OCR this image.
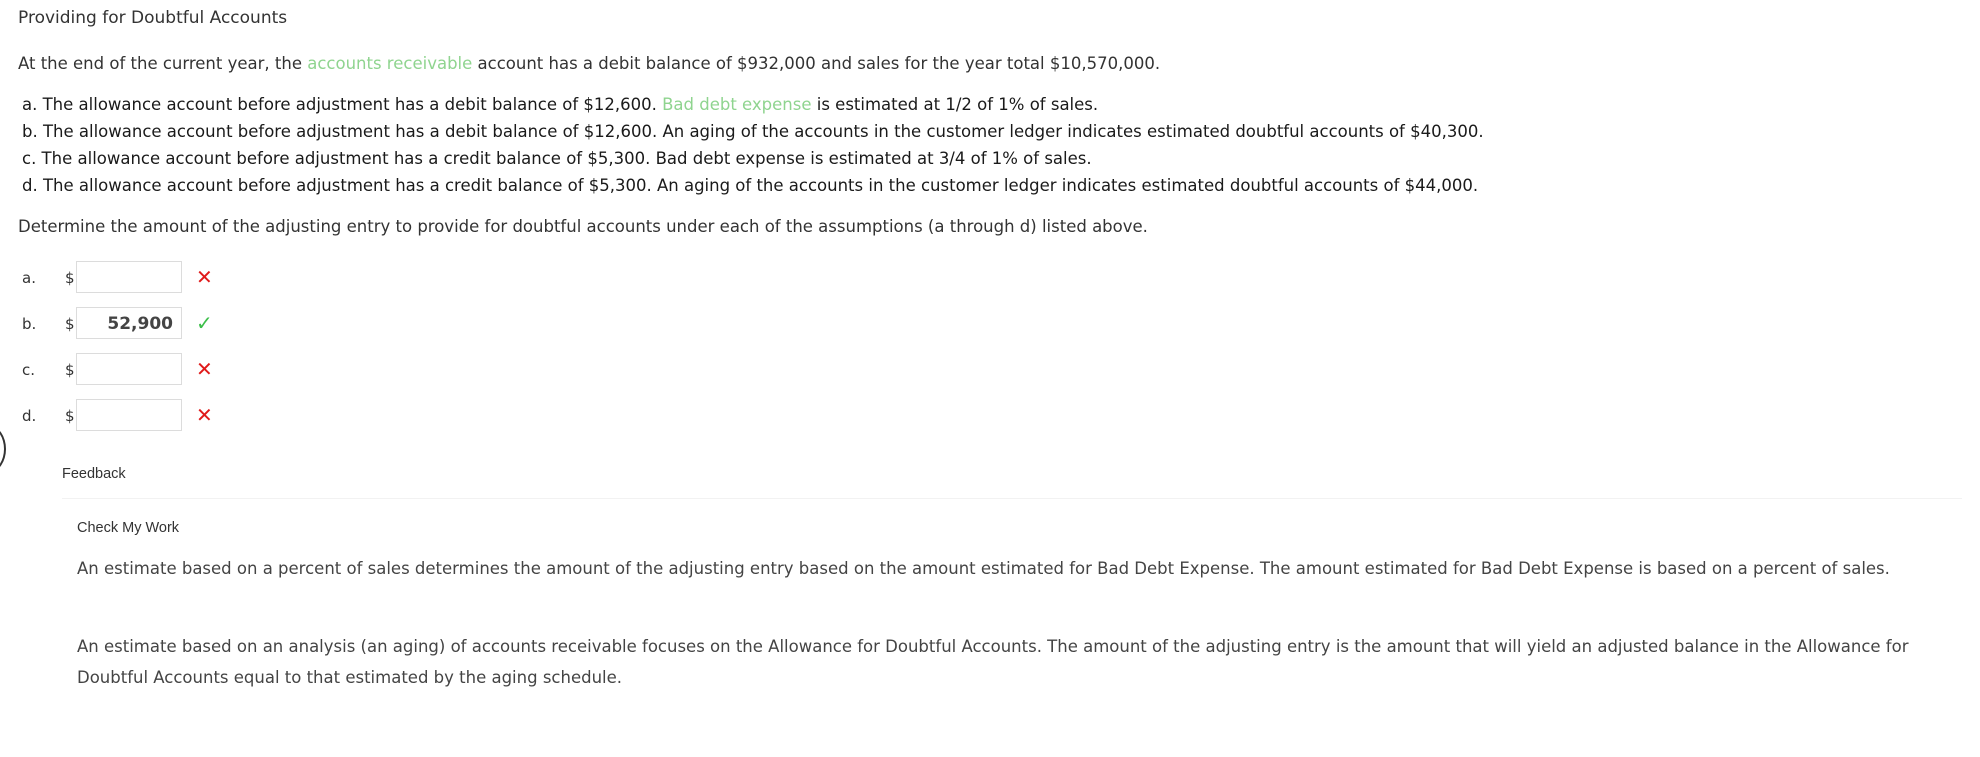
Providing for Doubtful Accounts
At the end of the current year, the accounts receivable account has a debit balance of $932,000 and sales for the year total $10,570,000.
a. The allowance account before adjustment has a debit balance of $12,600. Bad debt expense is estimated at 1/2 of 1% of sales.
b. The allowance account before adjustment has a debit balance of $12,600. An aging of the accounts in the customer ledger indicates estimated doubtful accounts of $40,300.
c. The allowance account before adjustment has a credit balance of $5,300. Bad debt expense is estimated at 3/4 of 1% of sales.
d. The allowance account before adjustment has a credit balance of $5,300. An aging of the accounts in the customer ledger indicates estimated doubtful accounts of $44,000.
Determine the amount of the adjusting entry to provide for doubtful accounts under each of the assumptions (a through d) listed above.
a. $	✕
b. $	52,900	✓
c. $	✕
d. $	✕
Feedback
Check My Work
An estimate based on a percent of sales determines the amount of the adjusting entry based on the amount estimated for Bad Debt Expense. The amount estimated for Bad Debt Expense is based on a percent of sales.
An estimate based on an analysis (an aging) of accounts receivable focuses on the Allowance for Doubtful Accounts. The amount of the adjusting entry is the amount that will yield an adjusted balance in the Allowance for Doubtful Accounts equal to that estimated by the aging schedule.
